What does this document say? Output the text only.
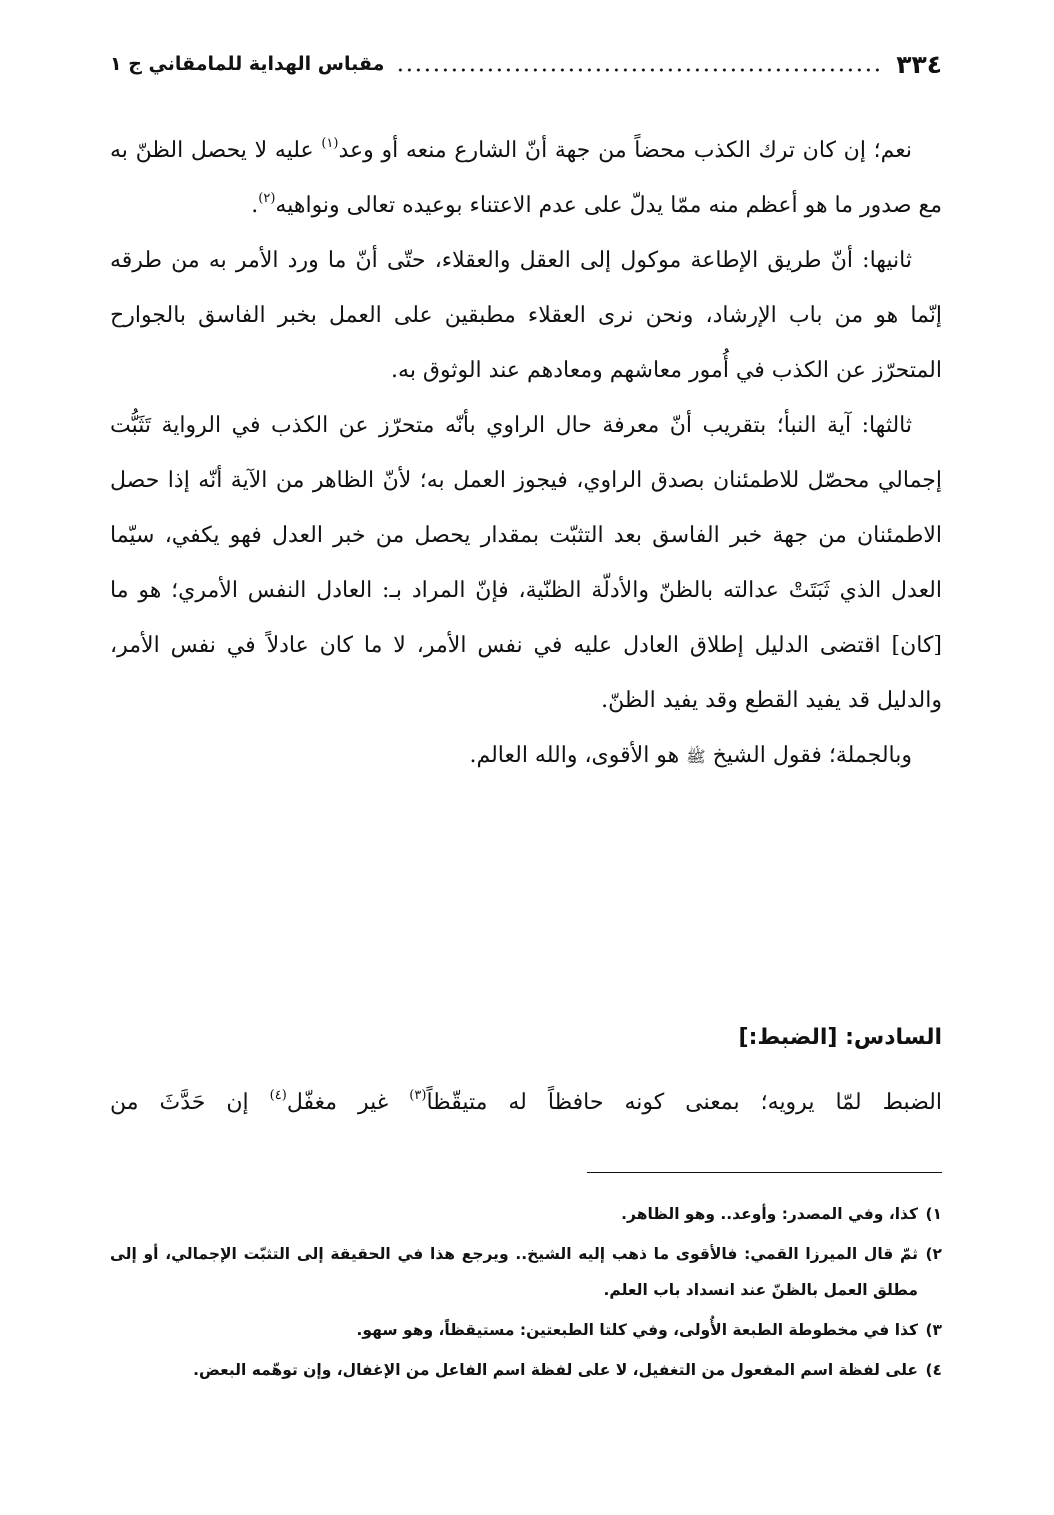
٣٣٤
مقباس الهداية للمامقاني ج ١

نعم؛ إن كان ترك الكذب محضاً من جهة أنّ الشارع منعه أو وعد$^{(١)}$ عليه لا يحصل الظنّ به مع صدور ما هو أعظم منه ممّا يدلّ على عدم الاعتناء بوعيده تعالى ونواهيه$^{(٢)}$.

ثانيها: أنّ طريق الإطاعة موكول إلى العقل والعقلاء، حتّى أنّ ما ورد الأمر به من طرقه إنّما هو من باب الإرشاد، ونحن نرى العقلاء مطبقين على العمل بخبر الفاسق بالجوارح المتحرّز عن الكذب في أُمور معاشهم ومعادهم عند الوثوق به.

ثالثها: آية النبأ؛ بتقريب أنّ معرفة حال الراوي بأنّه متحرّز عن الكذب في الرواية تَثَبُّت إجمالي محصّل للاطمئنان بصدق الراوي، فيجوز العمل به؛ لأنّ الظاهر من الآية أنّه إذا حصل الاطمئنان من جهة خبر الفاسق بعد التثبّت بمقدار يحصل من خبر العدل فهو يكفي، سيّما العدل الذي ثَبَتَتْ عدالته بالظنّ والأدلّة الظنّية، فإنّ المراد بـ: العادل النفس الأمري؛ هو ما [كان] اقتضى الدليل إطلاق العادل عليه في نفس الأمر، لا ما كان عادلاً في نفس الأمر، والدليل قد يفيد القطع وقد يفيد الظنّ.

وبالجملة؛ فقول الشيخ ﷺ هو الأقوى، والله العالم.

السادس: [الضبط:]

الضبط لمّا يرويه؛ بمعنى كونه حافظاً له متيقّظاً$^{(٣)}$ غير مغفّل$^{(٤)}$ إن حَدَّثَ من

١)
كذا، وفي المصدر: وأوعد.. وهو الظاهر.
٢)
ثمّ قال الميرزا القمي: فالأقوى ما ذهب إليه الشيخ.. ويرجع هذا في الحقيقة إلى التثبّت الإجمالي، أو إلى مطلق العمل بالظنّ عند انسداد باب العلم.
٣)
كذا في مخطوطة الطبعة الأُولى، وفي كلتا الطبعتين: مستيقظاً، وهو سهو.
٤)
على لفظة اسم المفعول من التغفيل، لا على لفظة اسم الفاعل من الإغفال، وإن توهّمه البعض.
